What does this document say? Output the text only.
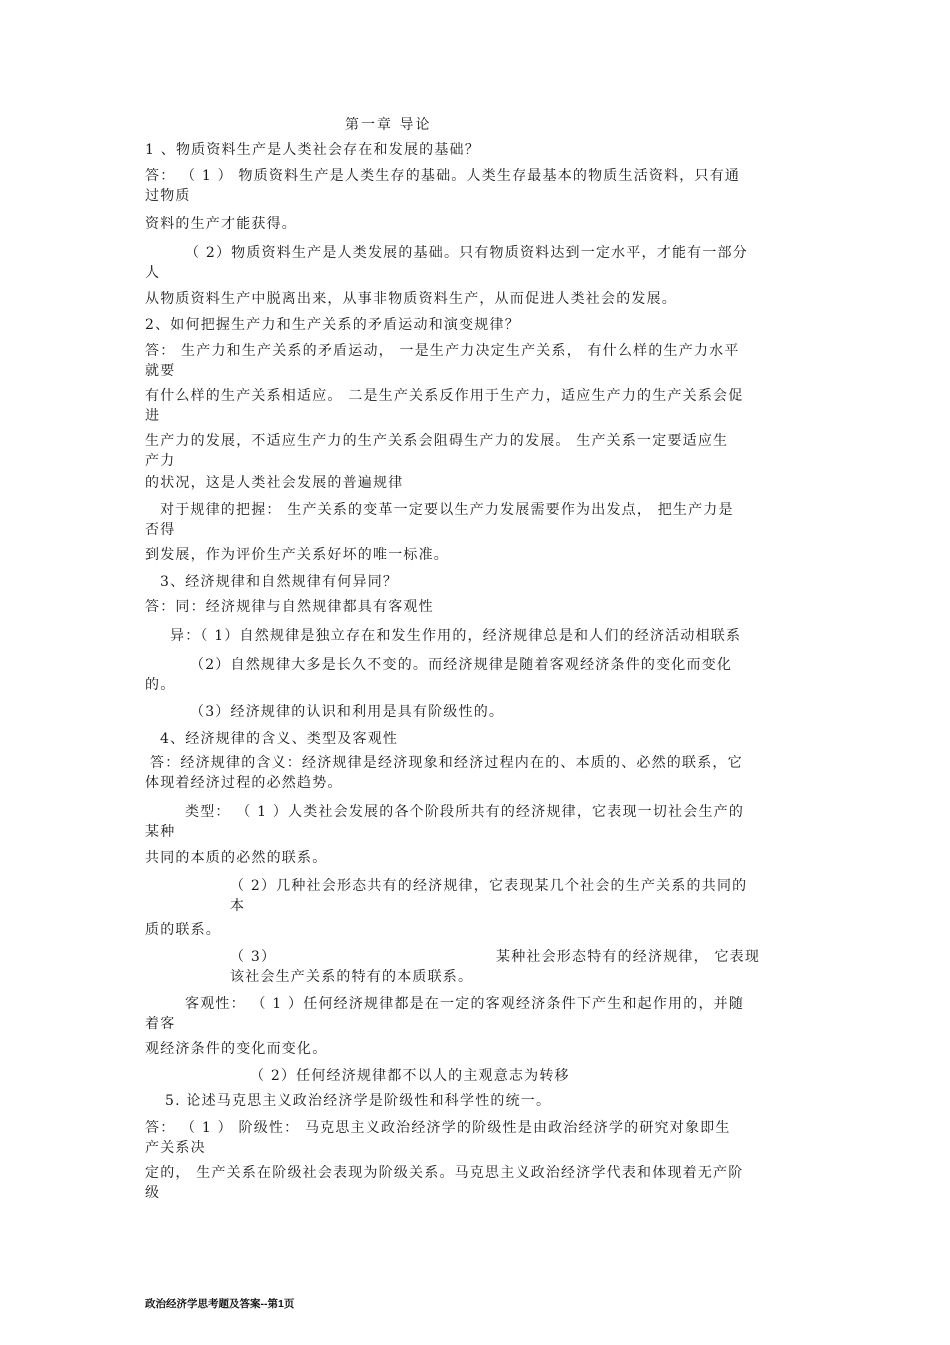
第一章 导论
1 、物质资料生产是人类社会存在和发展的基础？
答： （ 1 ） 物质资料生产是人类生存的基础。人类生存最基本的物质生活资料，只有通
过物质
资料的生产才能获得。
（ 2）物质资料生产是人类发展的基础。只有物质资料达到一定水平，才能有一部分
人
从物质资料生产中脱离出来，从事非物质资料生产，从而促进人类社会的发展。
2、如何把握生产力和生产关系的矛盾运动和演变规律？
答： 生产力和生产关系的矛盾运动， 一是生产力决定生产关系， 有什么样的生产力水平
就要
有什么样的生产关系相适应。 二是生产关系反作用于生产力，适应生产力的生产关系会促
进
生产力的发展，不适应生产力的生产关系会阻碍生产力的发展。 生产关系一定要适应生
产力
的状况，这是人类社会发展的普遍规律
对于规律的把握： 生产关系的变革一定要以生产力发展需要作为出发点， 把生产力是
否得
到发展，作为评价生产关系好坏的唯一标准。
3、经济规律和自然规律有何异同？
答：同：经济规律与自然规律都具有客观性
异：（ 1）自然规律是独立存在和发生作用的，经济规律总是和人们的经济活动相联系
（2）自然规律大多是长久不变的。而经济规律是随着客观经济条件的变化而变化
的。
（3）经济规律的认识和利用是具有阶级性的。
4、经济规律的含义、类型及客观性
答：经济规律的含义：经济规律是经济现象和经济过程内在的、本质的、必然的联系，它
体现着经济过程的必然趋势。
类型： （ 1 ）人类社会发展的各个阶段所共有的经济规律，它表现一切社会生产的
某种
共同的本质的必然的联系。
（ 2）几种社会形态共有的经济规律，它表现某几个社会的生产关系的共同的
本
质的联系。
（ 3）	某种社会形态特有的经济规律， 它表现
该社会生产关系的特有的本质联系。
客观性： （ 1 ）任何经济规律都是在一定的客观经济条件下产生和起作用的，并随
着客
观经济条件的变化而变化。
（ 2）任何经济规律都不以人的主观意志为转移
5. 论述马克思主义政治经济学是阶级性和科学性的统一。
答： （ 1 ） 阶级性： 马克思主义政治经济学的阶级性是由政治经济学的研究对象即生
产关系决
定的， 生产关系在阶级社会表现为阶级关系。马克思主义政治经济学代表和体现着无产阶
级
政治经济学思考题及答案--第1页
